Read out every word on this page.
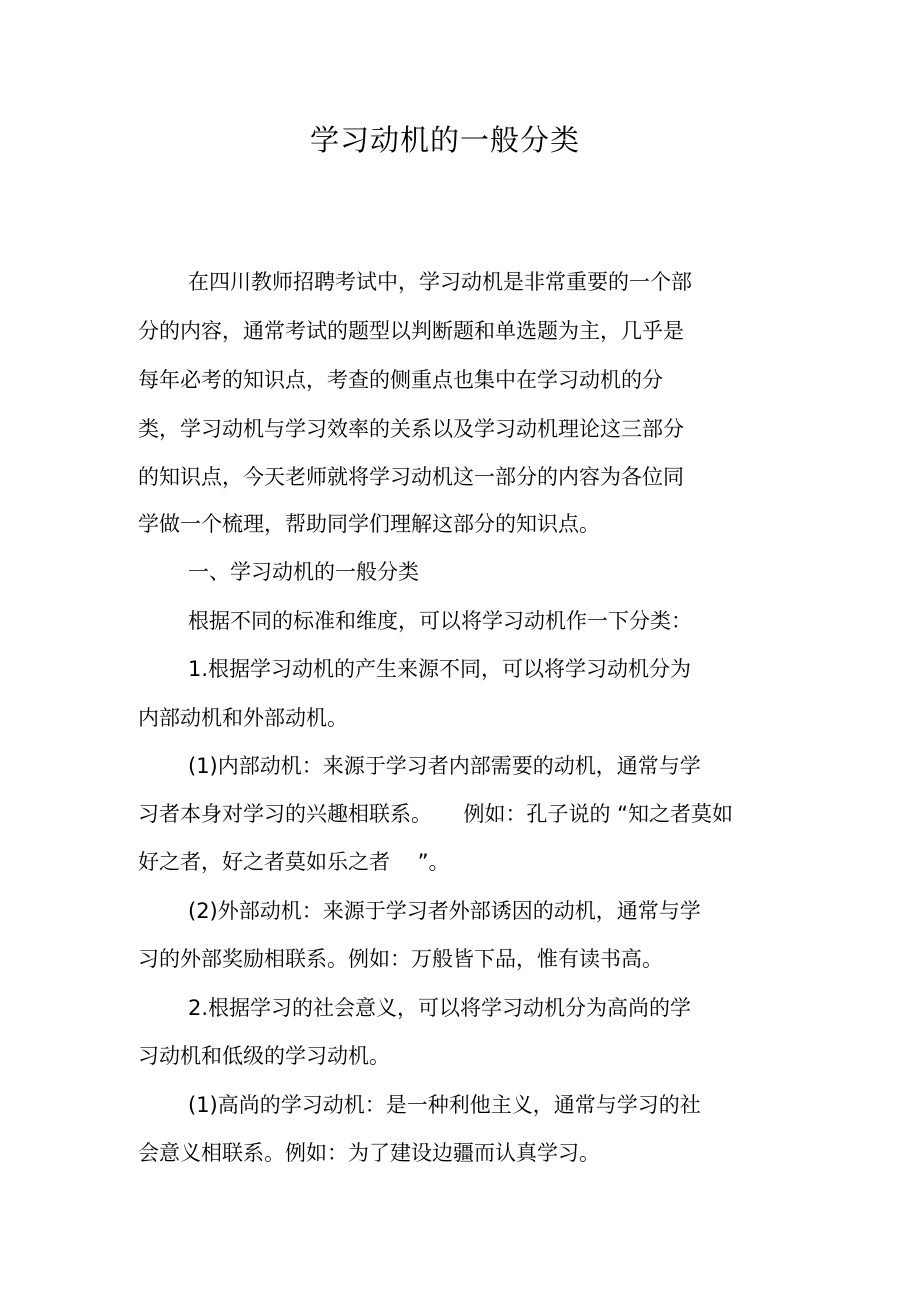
学习动机的一般分类
在四川教师招聘考试中，学习动机是非常重要的一个部
分的内容，通常考试的题型以判断题和单选题为主，几乎是
每年必考的知识点，考查的侧重点也集中在学习动机的分
类，学习动机与学习效率的关系以及学习动机理论这三部分
的知识点，今天老师就将学习动机这一部分的内容为各位同
学做一个梳理，帮助同学们理解这部分的知识点。
一、学习动机的一般分类
根据不同的标准和维度，可以将学习动机作一下分类：
1.根据学习动机的产生来源不同，可以将学习动机分为
内部动机和外部动机。
(1)内部动机：来源于学习者内部需要的动机，通常与学
习者本身对学习的兴趣相联系。　　例如：孔子说的 “知之者莫如
好之者，好之者莫如乐之者　 ”。
(2)外部动机：来源于学习者外部诱因的动机，通常与学
习的外部奖励相联系。例如：万般皆下品，惟有读书高。
2.根据学习的社会意义，可以将学习动机分为高尚的学
习动机和低级的学习动机。
(1)高尚的学习动机：是一种利他主义，通常与学习的社
会意义相联系。例如：为了建设边疆而认真学习。
